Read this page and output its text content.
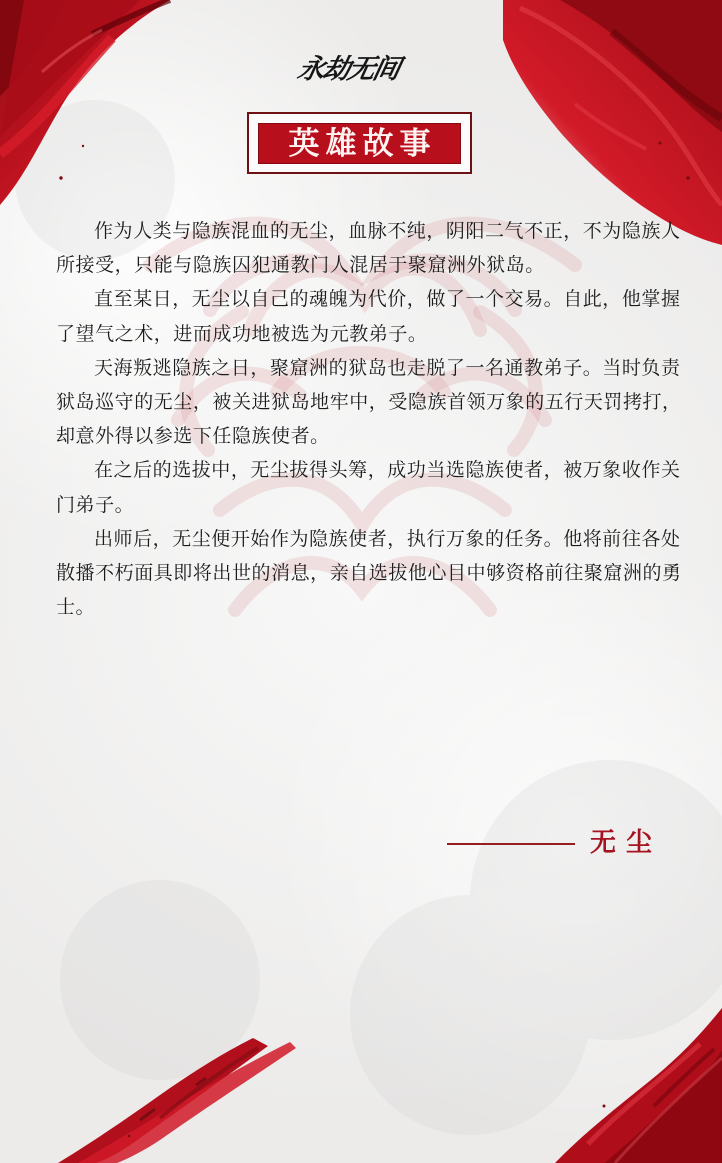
永劫无间
英雄故事

作为人类与隐族混血的无尘，血脉不纯，阴阳二气不正，不为隐族人所接受，只能与隐族囚犯通教门人混居于聚窟洲外狱岛。

直至某日，无尘以自己的魂魄为代价，做了一个交易。自此，他掌握了望气之术，进而成功地被选为元教弟子。

天海叛逃隐族之日，聚窟洲的狱岛也走脱了一名通教弟子。当时负责狱岛巡守的无尘，被关进狱岛地牢中，受隐族首领万象的五行天罚拷打，却意外得以参选下任隐族使者。

在之后的选拔中，无尘拔得头筹，成功当选隐族使者，被万象收作关门弟子。

出师后，无尘便开始作为隐族使者，执行万象的任务。他将前往各处散播不朽面具即将出世的消息，亲自选拔他心目中够资格前往聚窟洲的勇士。

无尘
